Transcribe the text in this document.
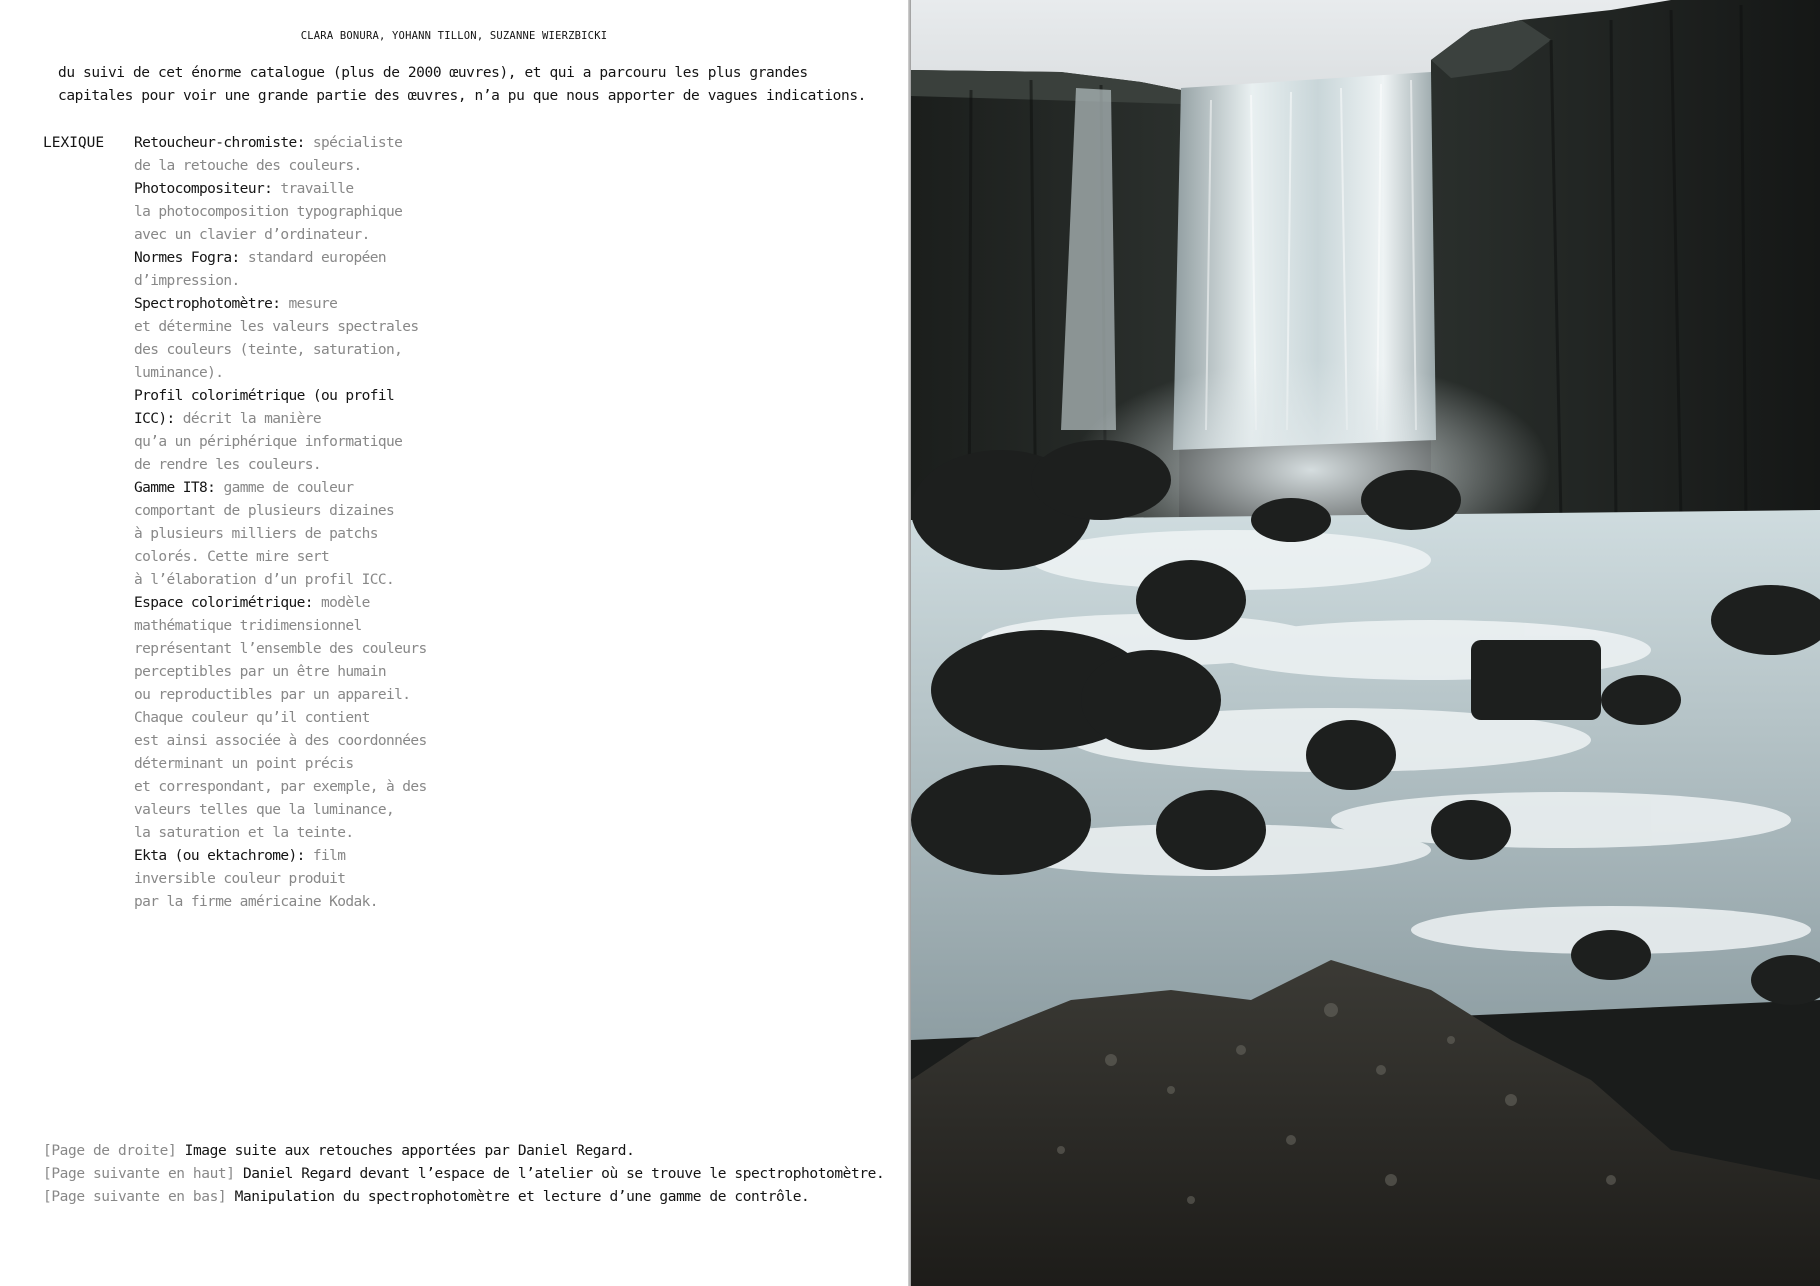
CLARA BONURA, YOHANN TILLON, SUZANNE WIERZBICKI
du suivi de cet énorme catalogue (plus de 2000 œuvres), et qui a parcouru les plus grandes
capitales pour voir une grande partie des œuvres, n’a pu que nous apporter de vagues indications.
LEXIQUE Retoucheur-chromiste: spécialiste
de la retouche des couleurs.
Photocompositeur: travaille
la photocomposition typographique
avec un clavier d’ordinateur.
Normes Fogra: standard européen
d’impression.
Spectrophotomètre: mesure
et détermine les valeurs spectrales
des couleurs (teinte, saturation,
luminance).
Profil colorimétrique (ou profil
ICC): décrit la manière
qu’a un périphérique informatique
de rendre les couleurs.
Gamme IT8: gamme de couleur
comportant de plusieurs dizaines
à plusieurs milliers de patchs
colorés. Cette mire sert
à l’élaboration d’un profil ICC.
Espace colorimétrique: modèle
mathématique tridimensionnel
représentant l’ensemble des couleurs
perceptibles par un être humain
ou reproductibles par un appareil.
Chaque couleur qu’il contient
est ainsi associée à des coordonnées
déterminant un point précis
et correspondant, par exemple, à des
valeurs telles que la luminance,
la saturation et la teinte.
Ekta (ou ektachrome): film
inversible couleur produit
par la firme américaine Kodak.
[Page de droite] Image suite aux retouches apportées par Daniel Regard.
[Page suivante en haut] Daniel Regard devant l’espace de l’atelier où se trouve le spectrophotomètre.
[Page suivante en bas] Manipulation du spectrophotomètre et lecture d’une gamme de contrôle.
